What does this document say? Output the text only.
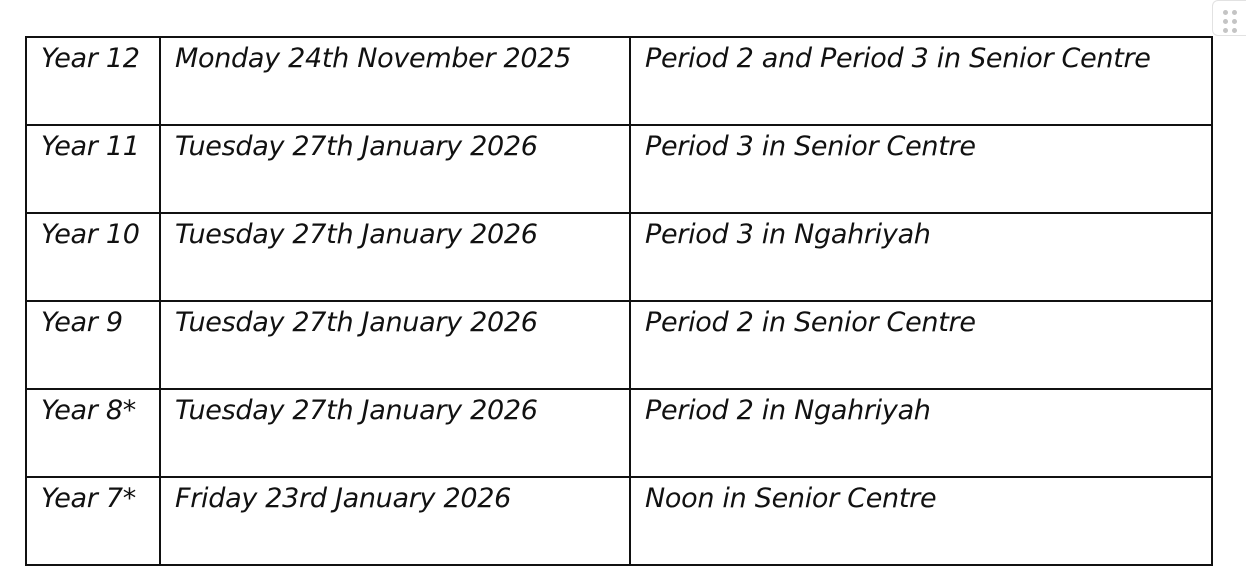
Year 12	Monday 24th November 2025	Period 2 and Period 3 in Senior Centre
Year 11	Tuesday 27th January 2026	Period 3 in Senior Centre
Year 10	Tuesday 27th January 2026	Period 3 in Ngahriyah
Year 9	Tuesday 27th January 2026	Period 2 in Senior Centre
Year 8*	Tuesday 27th January 2026	Period 2 in Ngahriyah
Year 7*	Friday 23rd January 2026	Noon in Senior Centre
